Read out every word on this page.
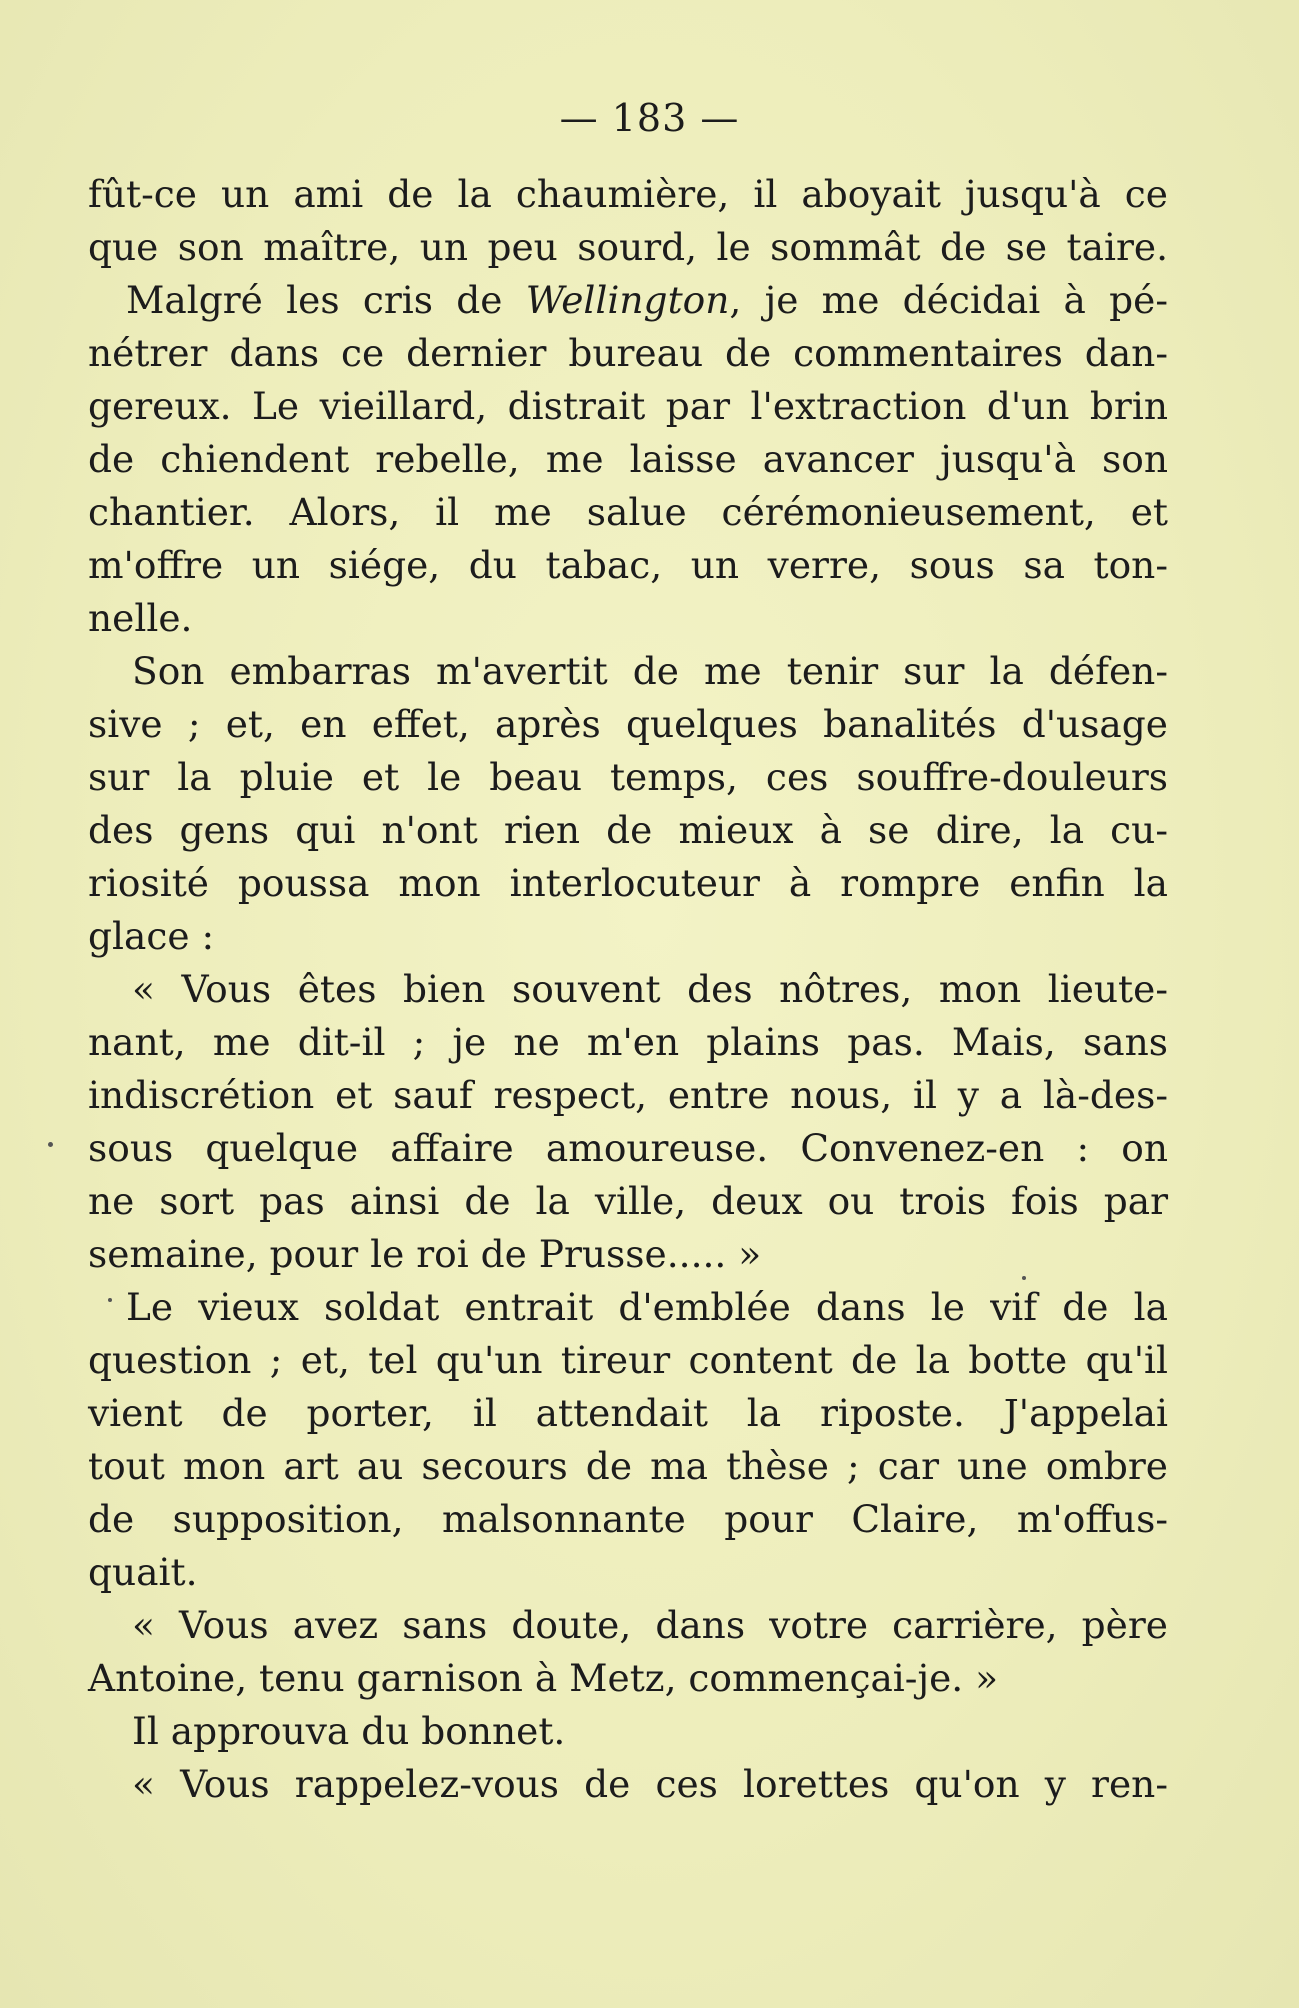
— 183 —
fût-ce un ami de la chaumière, il aboyait jusqu'à ce
que son maître, un peu sourd, le sommât de se taire.
Malgré les cris de Wellington, je me décidai à pé-
nétrer dans ce dernier bureau de commentaires dan-
gereux. Le vieillard, distrait par l'extraction d'un brin
de chiendent rebelle, me laisse avancer jusqu'à son
chantier. Alors, il me salue cérémonieusement, et
m'offre un siége, du tabac, un verre, sous sa ton-
nelle.
Son embarras m'avertit de me tenir sur la défen-
sive ; et, en effet, après quelques banalités d'usage
sur la pluie et le beau temps, ces souffre-douleurs
des gens qui n'ont rien de mieux à se dire, la cu-
riosité poussa mon interlocuteur à rompre enfin la
glace :
« Vous êtes bien souvent des nôtres, mon lieute-
nant, me dit-il ; je ne m'en plains pas. Mais, sans
indiscrétion et sauf respect, entre nous, il y a là-des-
sous quelque affaire amoureuse. Convenez-en : on
ne sort pas ainsi de la ville, deux ou trois fois par
semaine, pour le roi de Prusse..... »
Le vieux soldat entrait d'emblée dans le vif de la
question ; et, tel qu'un tireur content de la botte qu'il
vient de porter, il attendait la riposte. J'appelai
tout mon art au secours de ma thèse ; car une ombre
de supposition, malsonnante pour Claire, m'offus-
quait.
« Vous avez sans doute, dans votre carrière, père
Antoine, tenu garnison à Metz, commençai-je. »
Il approuva du bonnet.
« Vous rappelez-vous de ces lorettes qu'on y ren-
